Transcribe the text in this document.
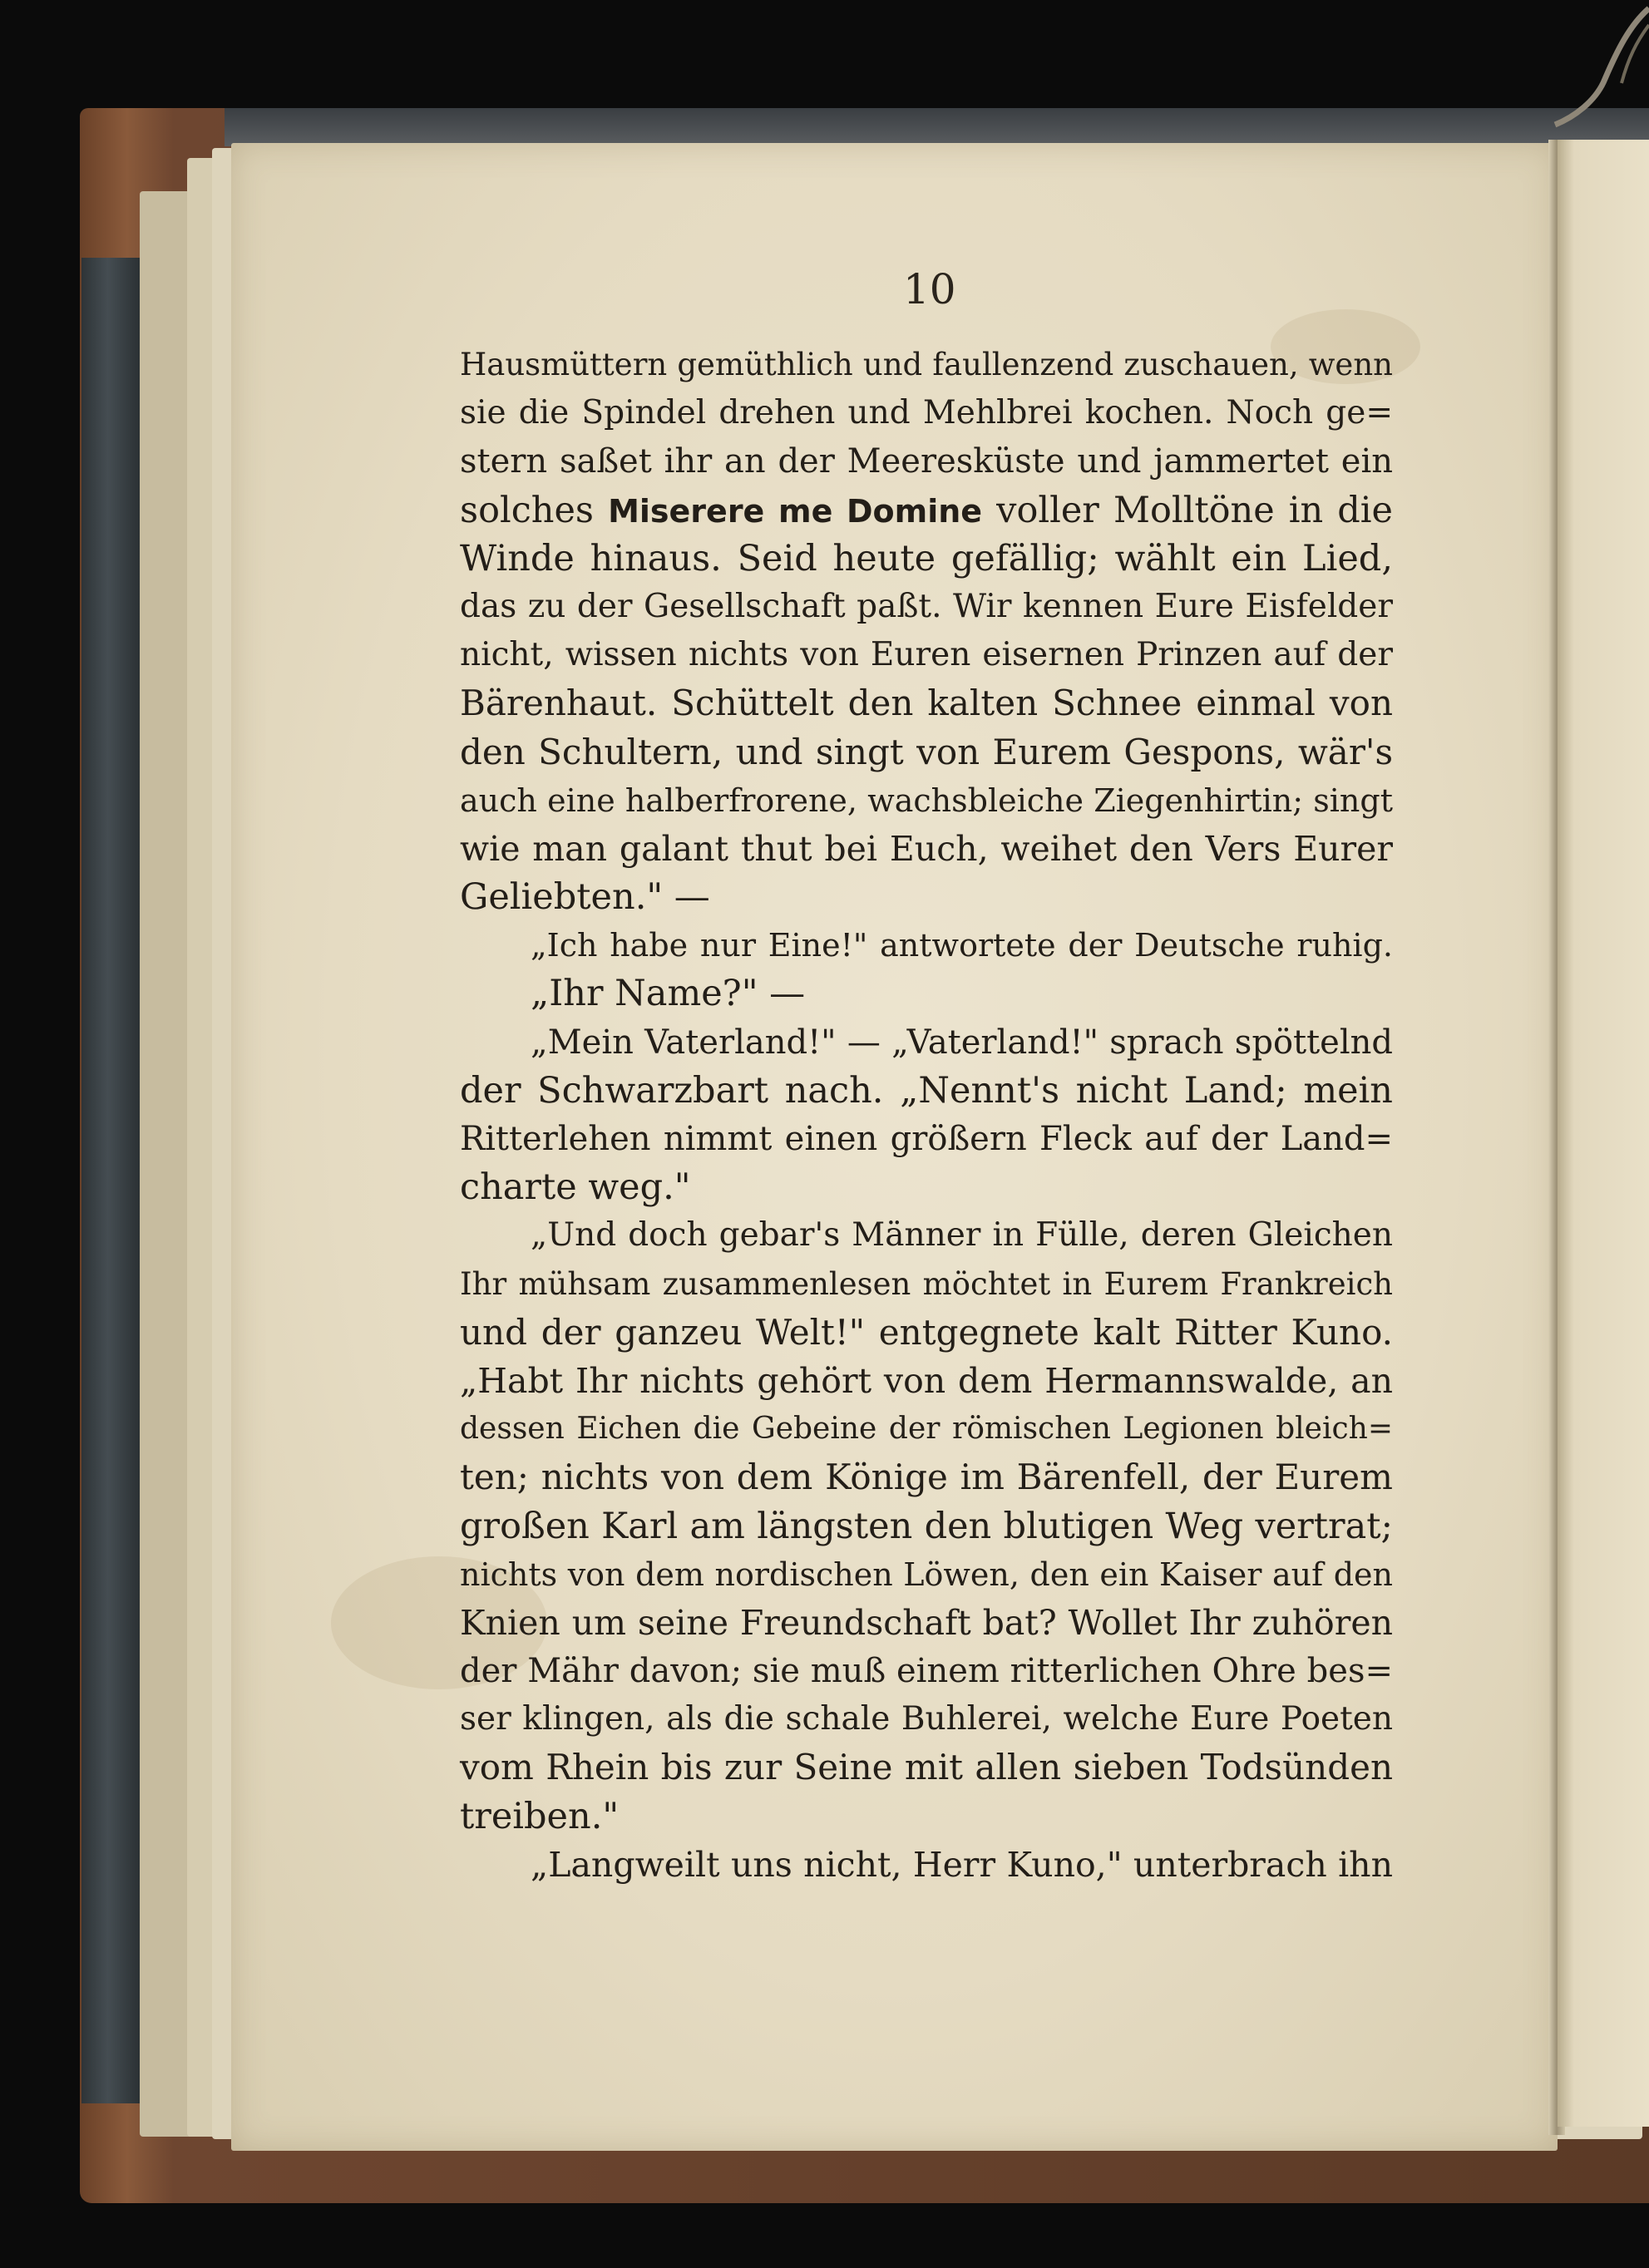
10
Hausmüttern gemüthlich und faullenzend zuschauen, wenn
sie die Spindel drehen und Mehlbrei kochen. Noch ge=
stern saßet ihr an der Meeresküste und jammertet ein
solches Miserere me Domine voller Molltöne in die
Winde hinaus. Seid heute gefällig; wählt ein Lied,
das zu der Gesellschaft paßt. Wir kennen Eure Eisfelder
nicht, wissen nichts von Euren eisernen Prinzen auf der
Bärenhaut. Schüttelt den kalten Schnee einmal von
den Schultern, und singt von Eurem Gespons, wär's
auch eine halberfrorene, wachsbleiche Ziegenhirtin; singt
wie man galant thut bei Euch, weihet den Vers Eurer
Geliebten." —
„Ich habe nur Eine!" antwortete der Deutsche ruhig.
„Ihr Name?" —
„Mein Vaterland!" — „Vaterland!" sprach spöttelnd
der Schwarzbart nach. „Nennt's nicht Land; mein
Ritterlehen nimmt einen größern Fleck auf der Land=
charte weg."
„Und doch gebar's Männer in Fülle, deren Gleichen
Ihr mühsam zusammenlesen möchtet in Eurem Frankreich
und der ganzeu Welt!" entgegnete kalt Ritter Kuno.
„Habt Ihr nichts gehört von dem Hermannswalde, an
dessen Eichen die Gebeine der römischen Legionen bleich=
ten; nichts von dem Könige im Bärenfell, der Eurem
großen Karl am längsten den blutigen Weg vertrat;
nichts von dem nordischen Löwen, den ein Kaiser auf den
Knien um seine Freundschaft bat? Wollet Ihr zuhören
der Mähr davon; sie muß einem ritterlichen Ohre bes=
ser klingen, als die schale Buhlerei, welche Eure Poeten
vom Rhein bis zur Seine mit allen sieben Todsünden
treiben."
„Langweilt uns nicht, Herr Kuno," unterbrach ihn
